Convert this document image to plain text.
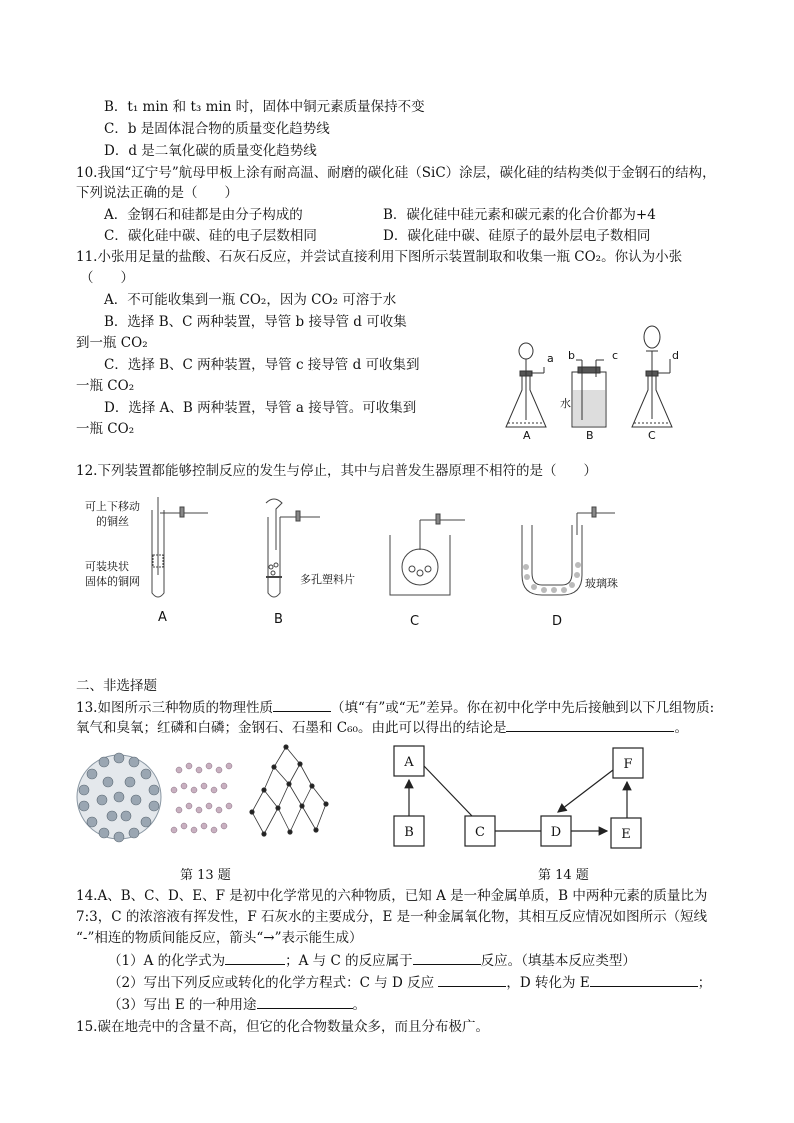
B．t₁ min 和 t₃ min 时，固体中铜元素质量保持不变
C．b 是固体混合物的质量变化趋势线
D．d 是二氧化碳的质量变化趋势线
10.我国“辽宁号”航母甲板上涂有耐高温、耐磨的碳化硅（SiC）涂层，碳化硅的结构类似于金钢石的结构，
下列说法正确的是（　　）
A．金钢石和硅都是由分子构成的	B．碳化硅中硅元素和碳元素的化合价都为+4
C．碳化硅中碳、硅的电子层数相同	D．碳化硅中碳、硅原子的最外层电子数相同
11.小张用足量的盐酸、石灰石反应，并尝试直接利用下图所示装置制取和收集一瓶 CO₂。你认为小张
（　　）
A．不可能收集到一瓶 CO₂，因为 CO₂ 可溶于水
B．选择 B、C 两种装置，导管 b 接导管 d 可收集
到一瓶 CO₂
C．选择 B、C 两种装置，导管 c 接导管 d 可收集到
一瓶 CO₂
D．选择 A、B 两种装置，导管 a 接导管。可收集到
一瓶 CO₂
a b	c	d
水
A	B	C
12.下列装置都能够控制反应的发生与停止，其中与启普发生器原理不相符的是（　　）
可上下移动
的铜丝
可装块状
固体的铜网	多孔塑料片	玻璃珠
A	B	C	D
二、非选择题
13.如图所示三种物质的物理性质	（填“有”或“无”差异。你在初中化学中先后接触到以下几组物质:
氧气和臭氧；红磷和白磷；金钢石、石墨和 C₆₀。由此可以得出的结论是	。
第 13 题
A
B	C	D	E
F
第 14 题
14.A、B、C、D、E、F 是初中化学常见的六种物质，已知 A 是一种金属单质，B 中两种元素的质量比为
7:3，C 的浓溶液有挥发性，F 石灰水的主要成分，E 是一种金属氧化物，其相互反应情况如图所示（短线
“-”相连的物质间能反应，箭头“→”表示能生成）
（1）A 的化学式为	；A 与 C 的反应属于	反应。（填基本反应类型）
（2）写出下列反应或转化的化学方程式：C 与 D 反应	，D 转化为 E	；
（3）写出 E 的一种用途	。
15.碳在地壳中的含量不高，但它的化合物数量众多，而且分布极广。
